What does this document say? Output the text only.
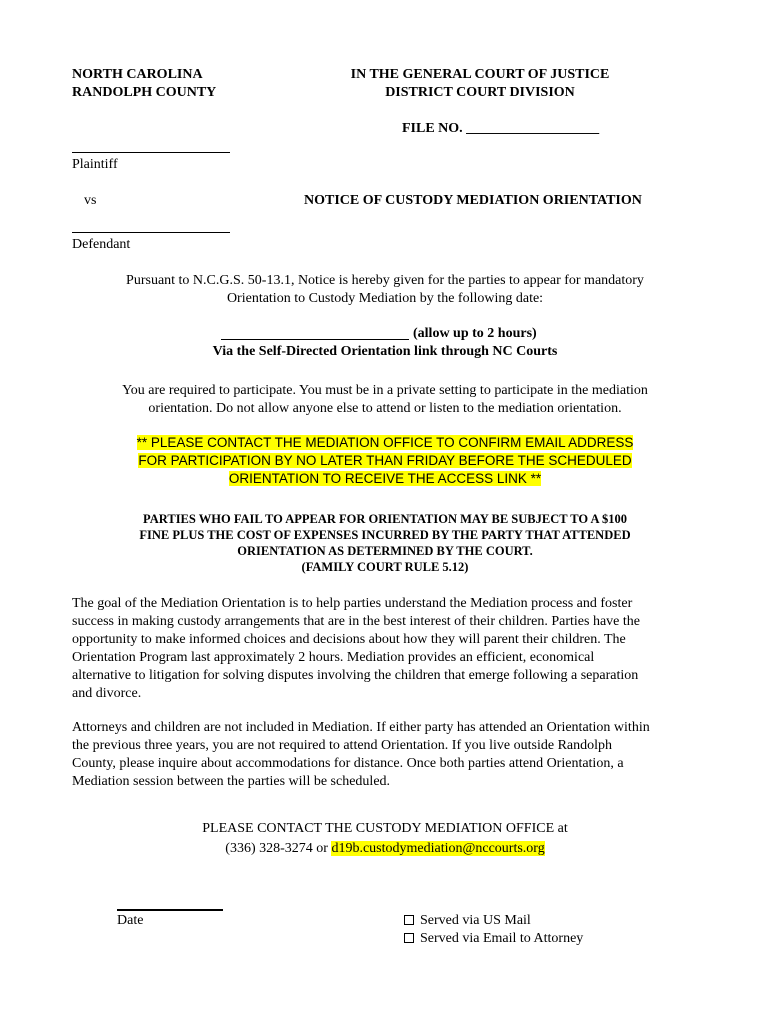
NORTH CAROLINA
RANDOLPH COUNTY
IN THE GENERAL COURT OF JUSTICE
DISTRICT COURT DIVISION
FILE NO. ___________________
Plaintiff
vs	NOTICE OF CUSTODY MEDIATION ORIENTATION
Defendant
Pursuant to N.C.G.S. 50-13.1, Notice is hereby given for the parties to appear for mandatory
Orientation to Custody Mediation by the following date:
(allow up to 2 hours)
Via the Self-Directed Orientation link through NC Courts
You are required to participate. You must be in a private setting to participate in the mediation
orientation. Do not allow anyone else to attend or listen to the mediation orientation.
** PLEASE CONTACT THE MEDIATION OFFICE TO CONFIRM EMAIL ADDRESS
FOR PARTICIPATION BY NO LATER THAN FRIDAY BEFORE THE SCHEDULED
ORIENTATION TO RECEIVE THE ACCESS LINK **
PARTIES WHO FAIL TO APPEAR FOR ORIENTATION MAY BE SUBJECT TO A $100
FINE PLUS THE COST OF EXPENSES INCURRED BY THE PARTY THAT ATTENDED
ORIENTATION AS DETERMINED BY THE COURT.
(FAMILY COURT RULE 5.12)
The goal of the Mediation Orientation is to help parties understand the Mediation process and foster
success in making custody arrangements that are in the best interest of their children. Parties have the
opportunity to make informed choices and decisions about how they will parent their children. The
Orientation Program last approximately 2 hours. Mediation provides an efficient, economical
alternative to litigation for solving disputes involving the children that emerge following a separation
and divorce.
Attorneys and children are not included in Mediation. If either party has attended an Orientation within
the previous three years, you are not required to attend Orientation. If you live outside Randolph
County, please inquire about accommodations for distance. Once both parties attend Orientation, a
Mediation session between the parties will be scheduled.
PLEASE CONTACT THE CUSTODY MEDIATION OFFICE at
(336) 328-3274 or d19b.custodymediation@nccourts.org
Date	Served via US Mail
Served via Email to Attorney
